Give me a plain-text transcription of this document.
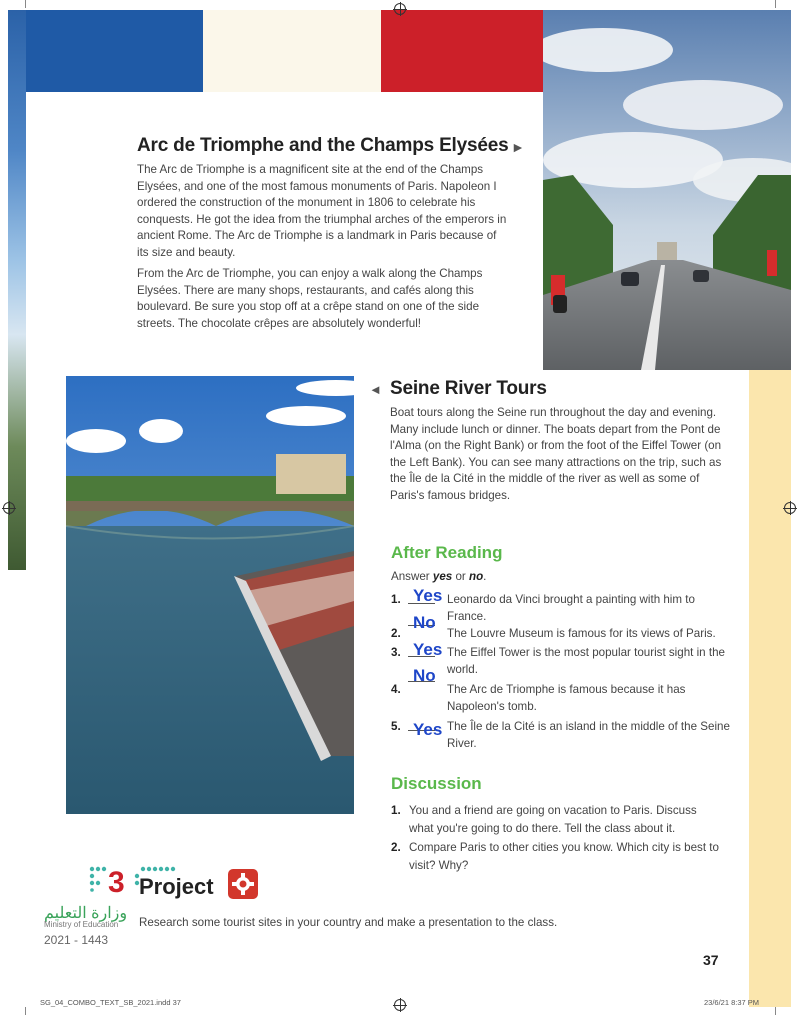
Arc de Triomphe and the Champs Elysées ►

The Arc de Triomphe is a magnificent site at the end of the Champs Elysées, and one of the most famous monuments of Paris. Napoleon I ordered the construction of the monument in 1806 to celebrate his conquests. He got the idea from the triumphal arches of the emperors in ancient Rome. The Arc de Triomphe is a landmark in Paris because of its size and beauty.

From the Arc de Triomphe, you can enjoy a walk along the Champs Elysées. There are many shops, restaurants, and cafés along this boulevard. Be sure you stop off at a crêpe stand on one of the side streets. The chocolate crêpes are absolutely wonderful!

◄ Seine River Tours

Boat tours along the Seine run throughout the day and evening. Many include lunch or dinner. The boats depart from the Pont de l'Alma (on the Right Bank) or from the foot of the Eiffel Tower (on the Left Bank). You can see many attractions on the trip, such as the Île de la Cité in the middle of the river as well as some of Paris's famous bridges.

After Reading
Answer yes or no.
1. Yes Leonardo da Vinci brought a painting with him to France.
2.
No
The Louvre Museum is famous for its views of Paris.
3. Yes The Eiffel Tower is the most popular tourist sight in the world.
4.
No
The Arc de Triomphe is famous because it has Napoleon's tomb.
5. Yes The Île de la Cité is an island in the middle of the Seine River.
Discussion
1. You and a friend are going on vacation to Paris. Discuss what you're going to do there. Tell the class about it.
2. Compare Paris to other cities you know. Which city is best to visit? Why?
3 Project
Research some tourist sites in your country and make a presentation to the class.
وزارة التعليم
Ministry of Education
2021 - 1443
37
SG_04_COMBO_TEXT_SB_2021.indd 37	23/6/21 8:37 PM
